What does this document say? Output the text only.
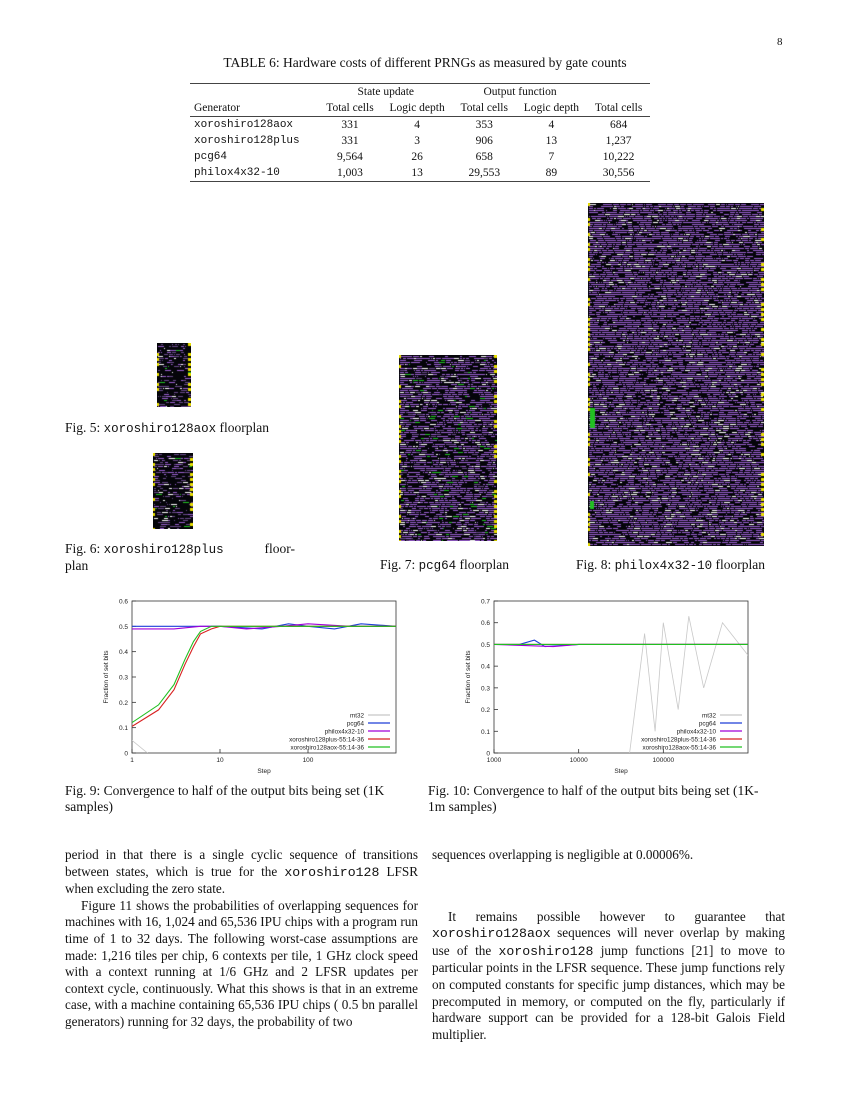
8
TABLE 6: Hardware costs of different PRNGs as measured by gate counts
	State update		Output function		
Generator	Total cells	Logic depth	Total cells	Logic depth	Total cells
xoroshiro128aox	331	4	353	4	684
xoroshiro128plus	331	3	906	13	1,237
pcg64	9,564	26	658	7	10,222
philox4x32-10	1,003	13	29,553	89	30,556
Fig. 5: xoroshiro128aox floorplan
Fig. 6: xoroshiro128plus	floor-
plan	Fig. 7: pcg64 floorplan	Fig. 8: philox4x32-10 floorplan
0
0.1
0.2
0.3
0.4
0.5
0.6
1	10	100
Step
Fraction of set bits
mt32
pcg64
philox4x32-10
xoroshiro128plus-55:14-36
xoroshiro128aox-55:14-36
Fig. 9: Convergence to half of the output bits being set (1K
samples)
0
0.1
0.2
0.3
0.4
0.5
0.6
0.7
1000	10000	100000
Step
Fraction of set bits
mt32
pcg64
philox4x32-10
xoroshiro128plus-55:14-36
xoroshiro128aox-55:14-36
Fig. 10: Convergence to half of the output bits being set (1K-
1m samples)

period in that there is a single cyclic sequence of transitions between states, which is true for the xoroshiro128 LFSR when excluding the zero state.

Figure 11 shows the probabilities of overlapping sequences for machines with 16, 1,024 and 65,536 IPU chips with a program run time of 1 to 32 days. The following worst-case assumptions are made: 1,216 tiles per chip, 6 contexts per tile, 1 GHz clock speed with a context running at 1/6 GHz and 2 LFSR updates per context cycle, continuously. What this shows is that in an extreme case, with a machine containing 65,536 IPU chips ( 0.5 bn parallel generators) running for 32 days, the probability of two

sequences overlapping is negligible at 0.00006%.

It remains possible however to guarantee that xoroshiro128aox sequences will never overlap by making use of the xoroshiro128 jump functions [21] to move to particular points in the LFSR sequence. These jump functions rely on computed constants for specific jump distances, which may be precomputed in memory, or computed on the fly, particularly if hardware support can be provided for a 128-bit Galois Field multiplier.
